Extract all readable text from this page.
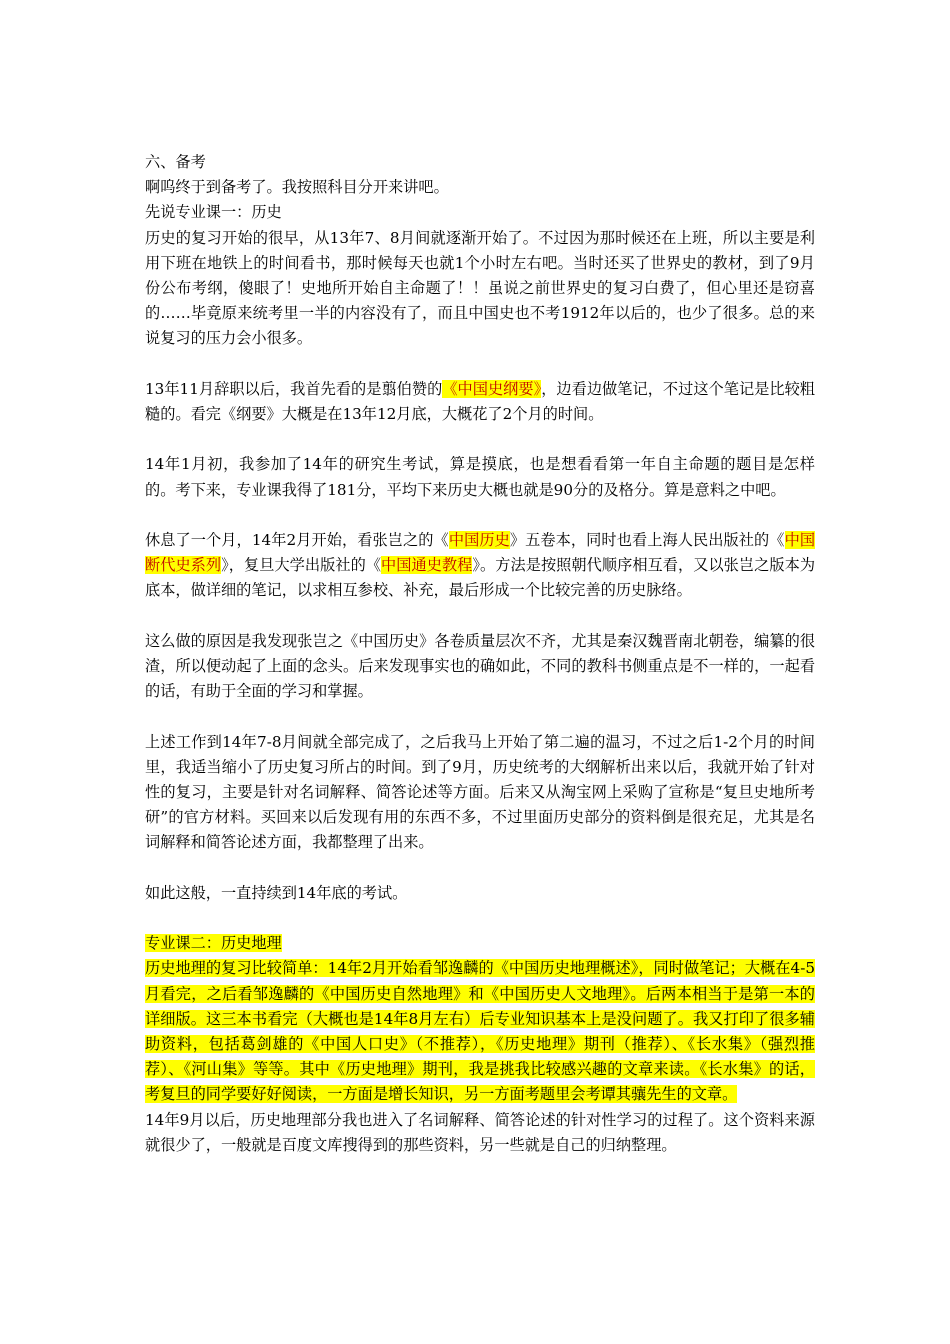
六、备考

啊呜终于到备考了。我按照科目分开来讲吧。

先说专业课一：历史

历史的复习开始的很早，从13年7、8月间就逐渐开始了。不过因为那时候还在上班，所以主要是利用下班在地铁上的时间看书，那时候每天也就1个小时左右吧。当时还买了世界史的教材，到了9月份公布考纲，傻眼了！史地所开始自主命题了！！虽说之前世界史的复习白费了，但心里还是窃喜的……毕竟原来统考里一半的内容没有了，而且中国史也不考1912年以后的，也少了很多。总的来说复习的压力会小很多。

13年11月辞职以后，我首先看的是翦伯赞的《中国史纲要》，边看边做笔记，不过这个笔记是比较粗糙的。看完《纲要》大概是在13年12月底，大概花了2个月的时间。

14年1月初，我参加了14年的研究生考试，算是摸底，也是想看看第一年自主命题的题目是怎样的。考下来，专业课我得了181分，平均下来历史大概也就是90分的及格分。算是意料之中吧。

休息了一个月，14年2月开始，看张岂之的《中国历史》五卷本，同时也看上海人民出版社的《中国断代史系列》，复旦大学出版社的《中国通史教程》。方法是按照朝代顺序相互看，又以张岂之版本为底本，做详细的笔记，以求相互参校、补充，最后形成一个比较完善的历史脉络。

这么做的原因是我发现张岂之《中国历史》各卷质量层次不齐，尤其是秦汉魏晋南北朝卷，编纂的很渣，所以便动起了上面的念头。后来发现事实也的确如此，不同的教科书侧重点是不一样的，一起看的话，有助于全面的学习和掌握。

上述工作到14年7-8月间就全部完成了，之后我马上开始了第二遍的温习，不过之后1-2个月的时间里，我适当缩小了历史复习所占的时间。到了9月，历史统考的大纲解析出来以后，我就开始了针对性的复习，主要是针对名词解释、简答论述等方面。后来又从淘宝网上采购了宣称是“复旦史地所考研”的官方材料。买回来以后发现有用的东西不多，不过里面历史部分的资料倒是很充足，尤其是名词解释和简答论述方面，我都整理了出来。

如此这般，一直持续到14年底的考试。

专业课二：历史地理

历史地理的复习比较简单：14年2月开始看邹逸麟的《中国历史地理概述》，同时做笔记；大概在4-5月看完，之后看邹逸麟的《中国历史自然地理》和《中国历史人文地理》。后两本相当于是第一本的详细版。这三本书看完（大概也是14年8月左右）后专业知识基本上是没问题了。我又打印了很多辅助资料，包括葛剑雄的《中国人口史》（不推荐），《历史地理》期刊（推荐）、《长水集》（强烈推荐）、《河山集》等等。其中《历史地理》期刊，我是挑我比较感兴趣的文章来读。《长水集》的话，考复旦的同学要好好阅读，一方面是增长知识，另一方面考题里会考谭其骧先生的文章。

14年9月以后，历史地理部分我也进入了名词解释、简答论述的针对性学习的过程了。这个资料来源就很少了，一般就是百度文库搜得到的那些资料，另一些就是自己的归纳整理。
